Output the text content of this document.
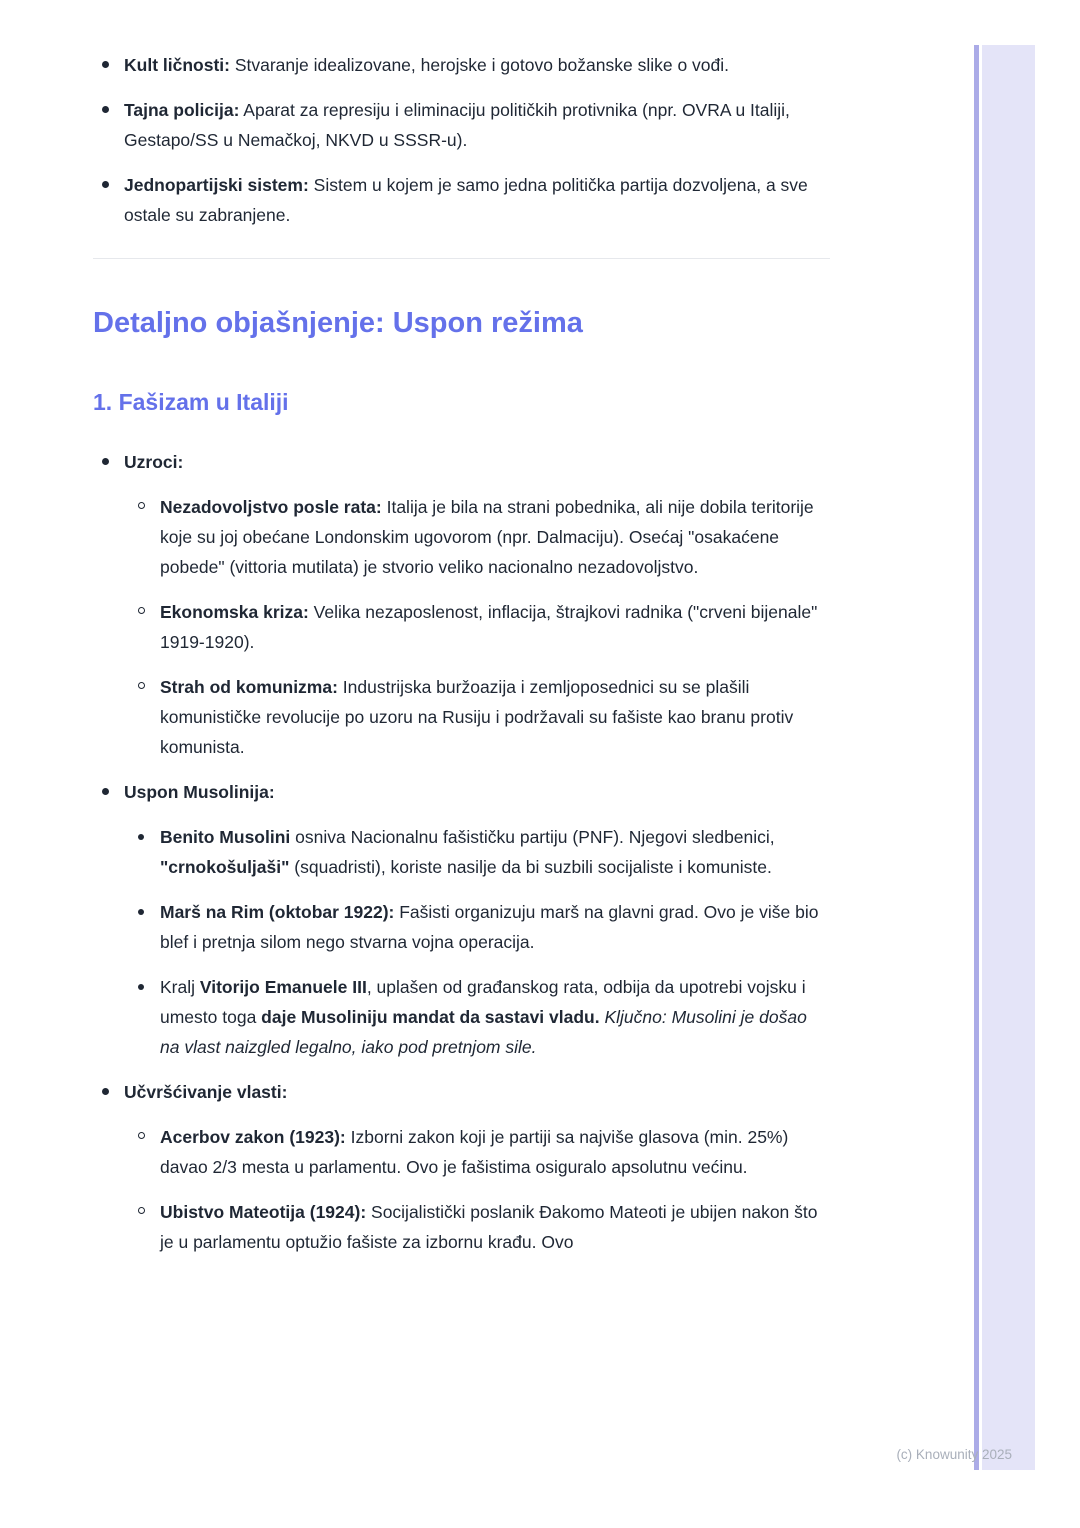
Kult ličnosti: Stvaranje idealizovane, herojske i gotovo božanske slike o vođi.
Tajna policija: Aparat za represiju i eliminaciju političkih protivnika (npr. OVRA u Italiji, Gestapo/SS u Nemačkoj, NKVD u SSSR-u).
Jednopartijski sistem: Sistem u kojem je samo jedna politička partija dozvoljena, a sve ostale su zabranjene.
Detaljno objašnjenje: Uspon režima
1. Fašizam u Italiji
Uzroci:
Nezadovoljstvo posle rata: Italija je bila na strani pobednika, ali nije dobila teritorije koje su joj obećane Londonskim ugovorom (npr. Dalmaciju). Osećaj "osakaćene pobede" (vittoria mutilata) je stvorio veliko nacionalno nezadovoljstvo.
Ekonomska kriza: Velika nezaposlenost, inflacija, štrajkovi radnika ("crveni bijenale" 1919-1920).
Strah od komunizma: Industrijska buržoazija i zemljoposednici su se plašili komunističke revolucije po uzoru na Rusiju i podržavali su fašiste kao branu protiv komunista.
Uspon Musolinija:
Benito Musolini osniva Nacionalnu fašističku partiju (PNF). Njegovi sledbenici, "crnokošuljaši" (squadristi), koriste nasilje da bi suzbili socijaliste i komuniste.
Marš na Rim (oktobar 1922): Fašisti organizuju marš na glavni grad. Ovo je više bio blef i pretnja silom nego stvarna vojna operacija.
Kralj Vitorijo Emanuele III, uplašen od građanskog rata, odbija da upotrebi vojsku i umesto toga daje Musoliniju mandat da sastavi vladu. Ključno: Musolini je došao na vlast naizgled legalno, iako pod pretnjom sile.
Učvršćivanje vlasti:
Acerbov zakon (1923): Izborni zakon koji je partiji sa najviše glasova (min. 25%) davao 2/3 mesta u parlamentu. Ovo je fašistima osiguralo apsolutnu većinu.
Ubistvo Mateotija (1924): Socijalistički poslanik Đakomo Mateoti je ubijen nakon što je u parlamentu optužio fašiste za izbornu krađu. Ovo
(c) Knowunity 2025
